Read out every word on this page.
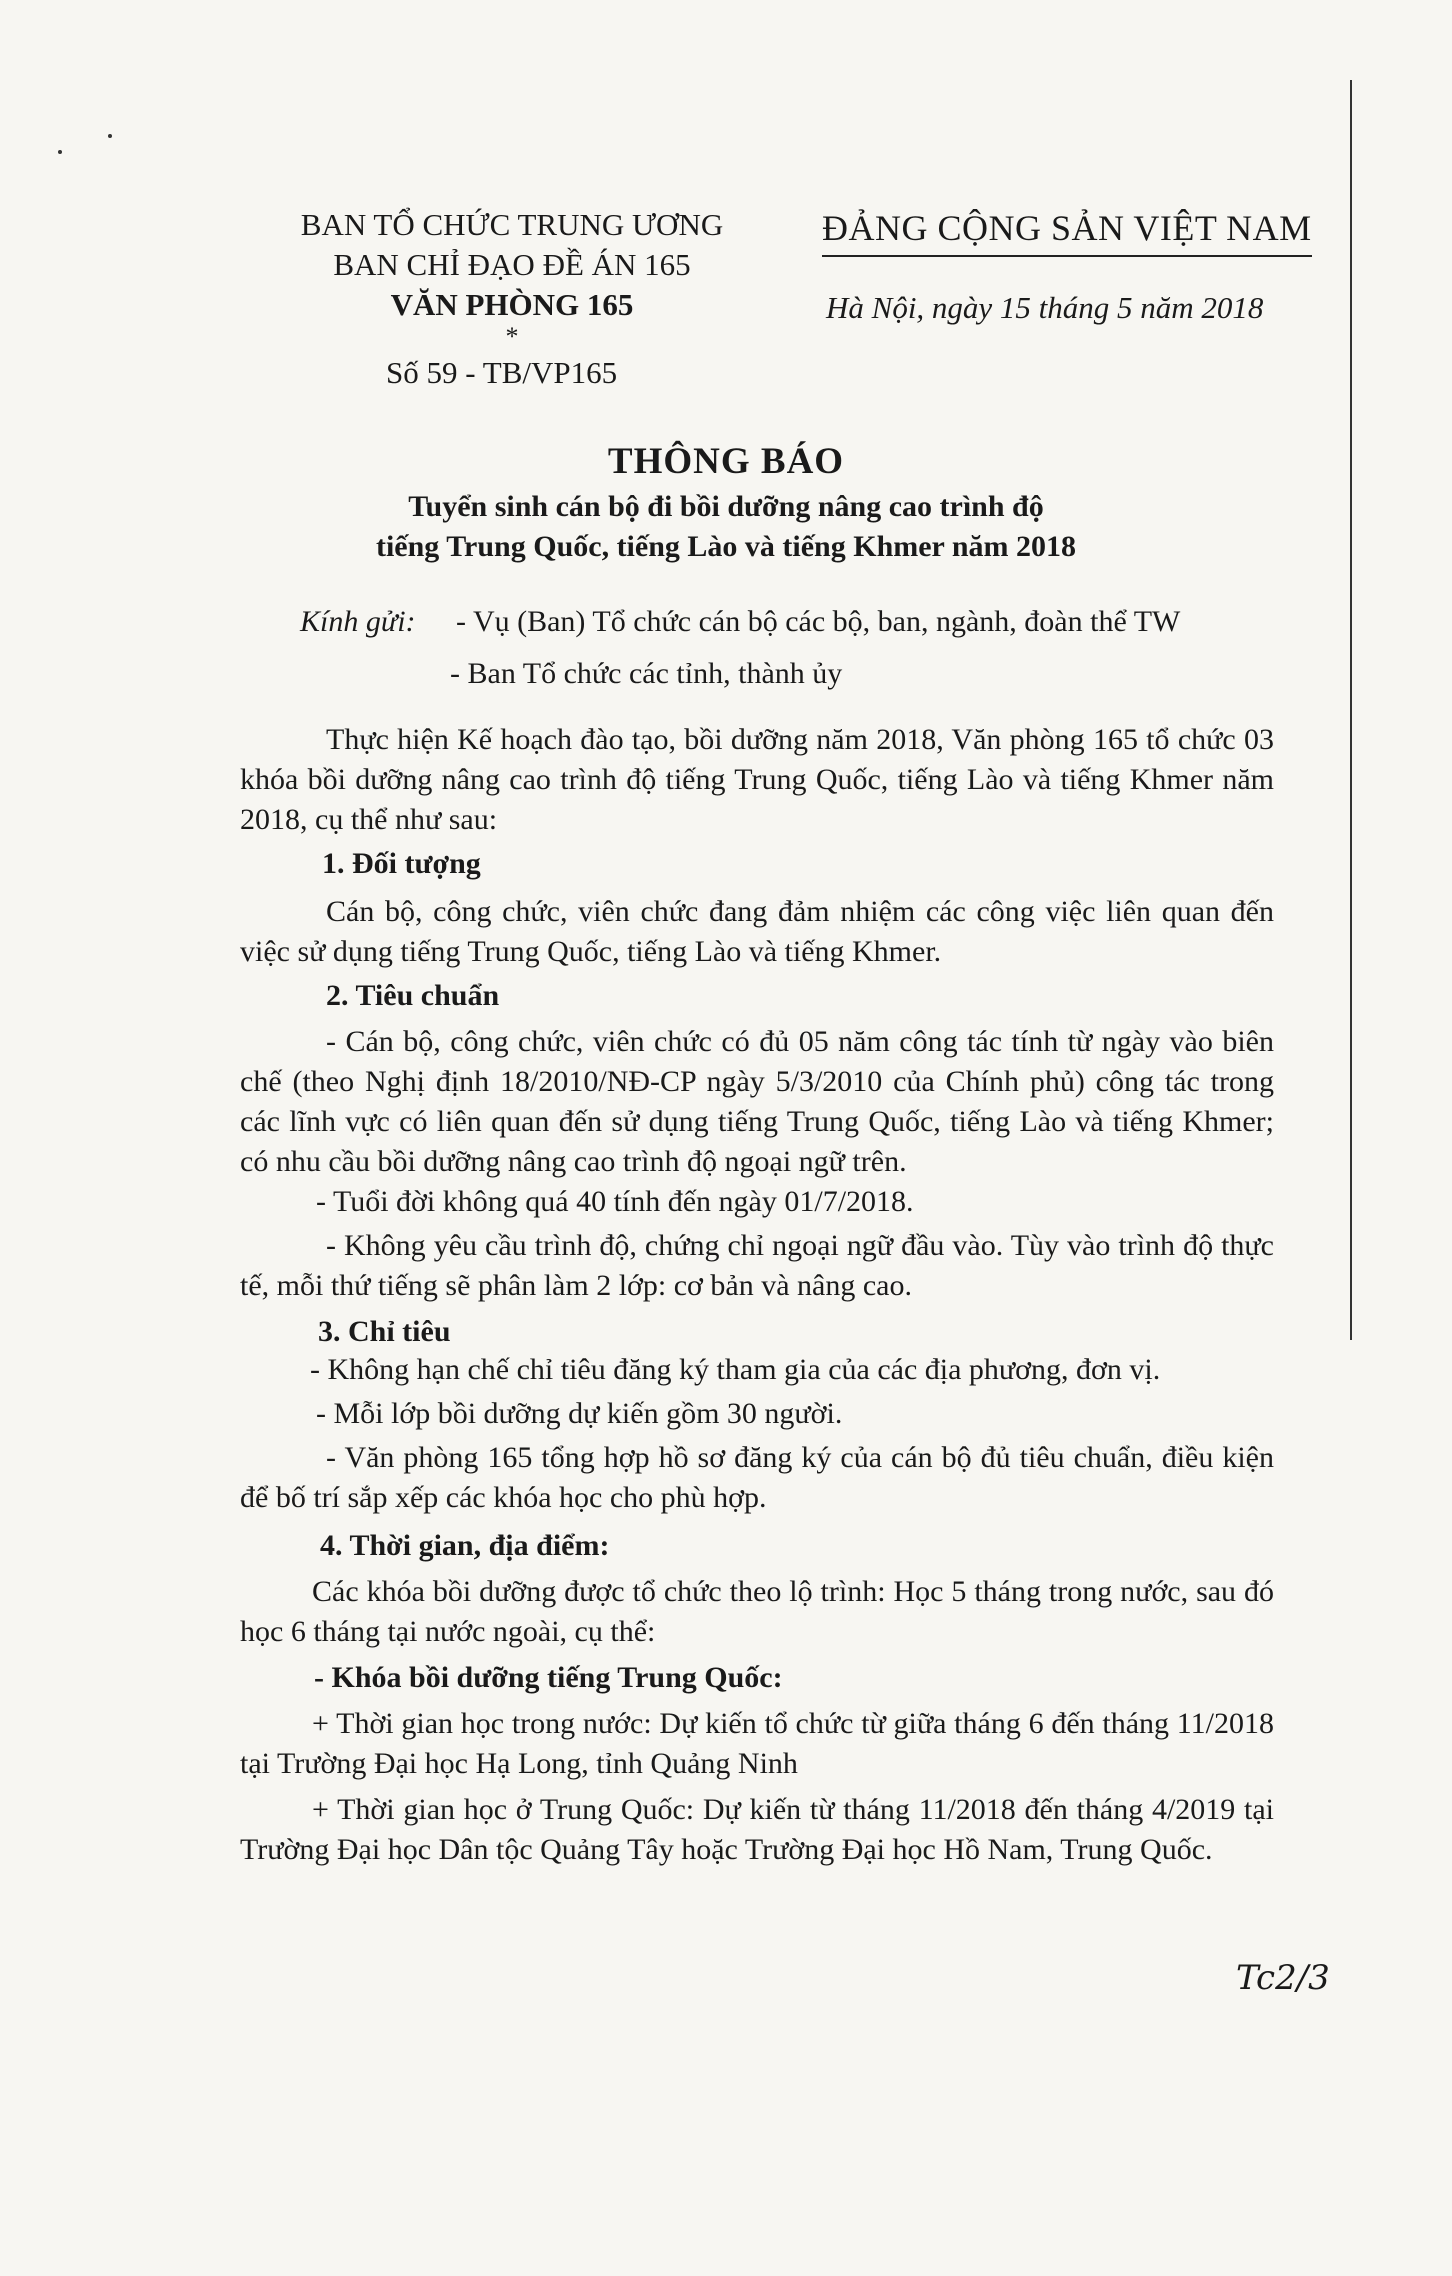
BAN TỔ CHỨC TRUNG ƯƠNG
BAN CHỈ ĐẠO ĐỀ ÁN 165
VĂN PHÒNG 165
*
Số 59 - TB/VP165
ĐẢNG CỘNG SẢN VIỆT NAM
Hà Nội, ngày 15 tháng 5 năm 2018
THÔNG BÁO
Tuyển sinh cán bộ đi bồi dưỡng nâng cao trình độ
tiếng Trung Quốc, tiếng Lào và tiếng Khmer năm 2018
Kính gửi: - Vụ (Ban) Tổ chức cán bộ các bộ, ban, ngành, đoàn thể TW
- Ban Tổ chức các tỉnh, thành ủy
Thực hiện Kế hoạch đào tạo, bồi dưỡng năm 2018, Văn phòng 165 tổ chức 03 khóa bồi dưỡng nâng cao trình độ tiếng Trung Quốc, tiếng Lào và tiếng Khmer năm 2018, cụ thể như sau:
1. Đối tượng
Cán bộ, công chức, viên chức đang đảm nhiệm các công việc liên quan đến việc sử dụng tiếng Trung Quốc, tiếng Lào và tiếng Khmer.
2. Tiêu chuẩn
- Cán bộ, công chức, viên chức có đủ 05 năm công tác tính từ ngày vào biên chế (theo Nghị định 18/2010/NĐ-CP ngày 5/3/2010 của Chính phủ) công tác trong các lĩnh vực có liên quan đến sử dụng tiếng Trung Quốc, tiếng Lào và tiếng Khmer; có nhu cầu bồi dưỡng nâng cao trình độ ngoại ngữ trên.
- Tuổi đời không quá 40 tính đến ngày 01/7/2018.
- Không yêu cầu trình độ, chứng chỉ ngoại ngữ đầu vào. Tùy vào trình độ thực tế, mỗi thứ tiếng sẽ phân làm 2 lớp: cơ bản và nâng cao.
3. Chỉ tiêu
- Không hạn chế chỉ tiêu đăng ký tham gia của các địa phương, đơn vị.
- Mỗi lớp bồi dưỡng dự kiến gồm 30 người.
- Văn phòng 165 tổng hợp hồ sơ đăng ký của cán bộ đủ tiêu chuẩn, điều kiện để bố trí sắp xếp các khóa học cho phù hợp.
4. Thời gian, địa điểm:
Các khóa bồi dưỡng được tổ chức theo lộ trình: Học 5 tháng trong nước, sau đó học 6 tháng tại nước ngoài, cụ thể:
- Khóa bồi dưỡng tiếng Trung Quốc:
+ Thời gian học trong nước: Dự kiến tổ chức từ giữa tháng 6 đến tháng 11/2018 tại Trường Đại học Hạ Long, tỉnh Quảng Ninh
+ Thời gian học ở Trung Quốc: Dự kiến từ tháng 11/2018 đến tháng 4/2019 tại Trường Đại học Dân tộc Quảng Tây hoặc Trường Đại học Hồ Nam, Trung Quốc.
Tc2/3
